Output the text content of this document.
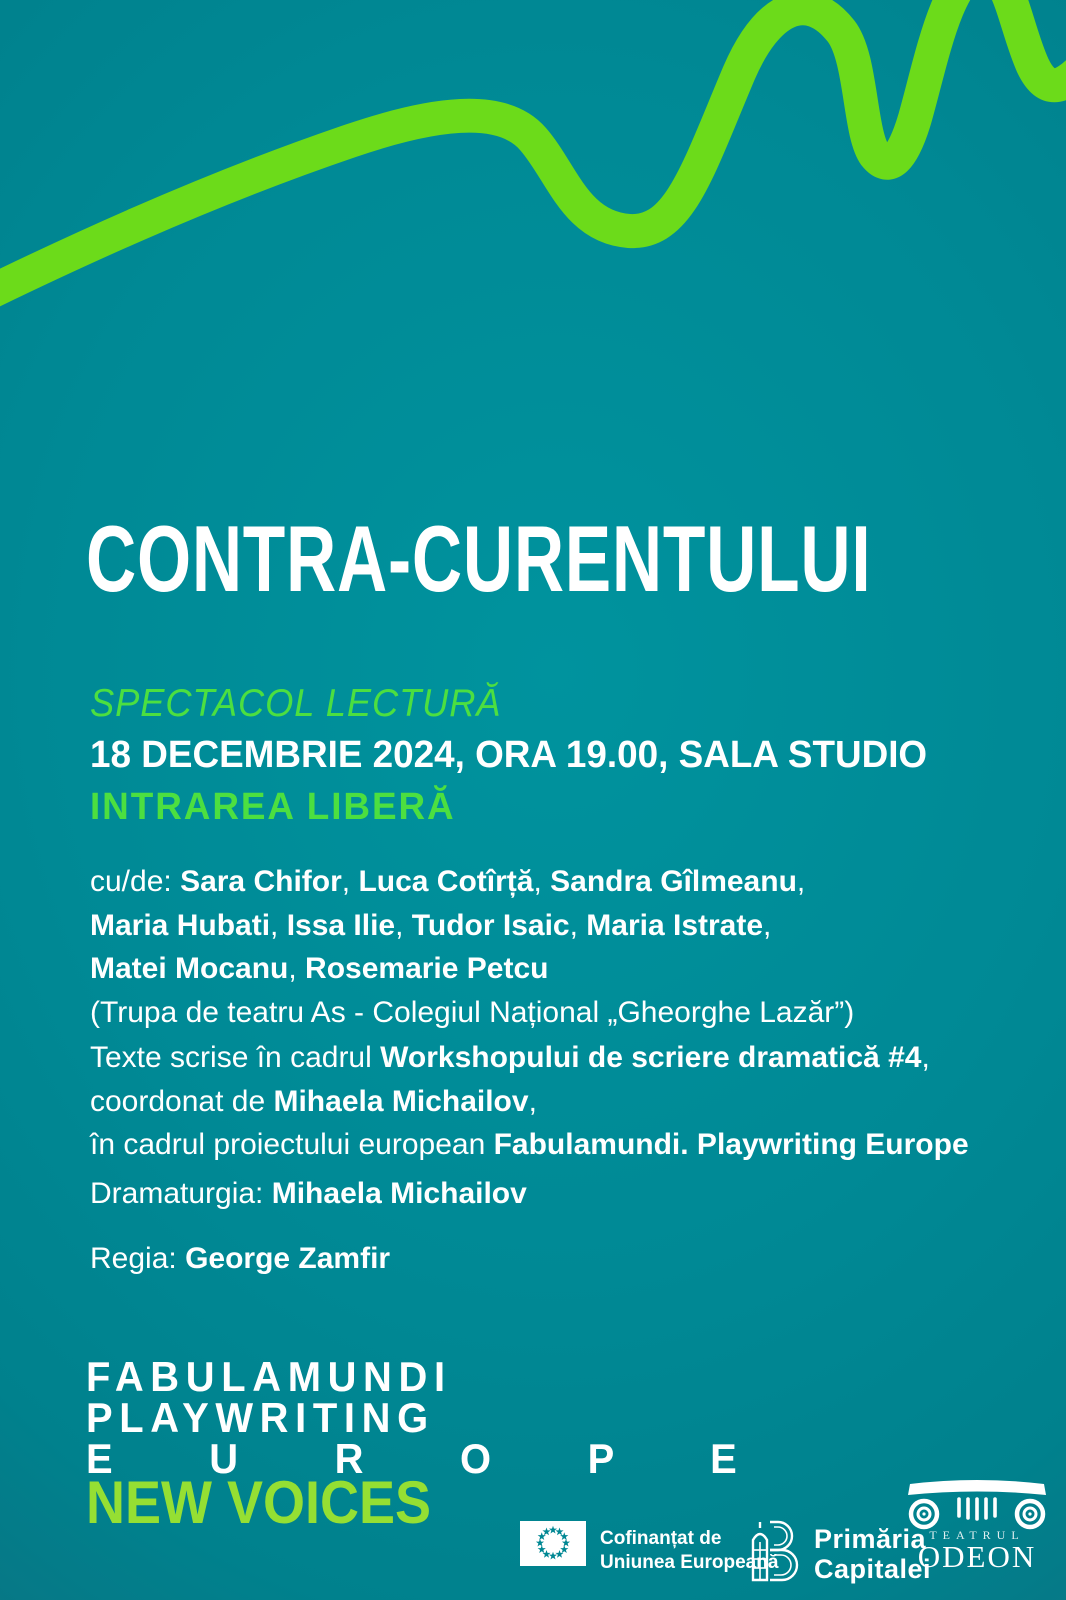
CONTRA-CURENTULUI
SPECTACOL LECTURĂ
18 DECEMBRIE 2024, ORA 19.00, SALA STUDIO
INTRAREA LIBERĂ
cu/de: Sara Chifor, Luca Cotîrță, Sandra Gîlmeanu,
Maria Hubati, Issa Ilie, Tudor Isaic, Maria Istrate,
Matei Mocanu, Rosemarie Petcu
(Trupa de teatru As - Colegiul Național „Gheorghe Lazăr”)
Texte scrise în cadrul Workshopului de scriere dramatică #4,
coordonat de Mihaela Michailov,
în cadrul proiectului european Fabulamundi. Playwriting Europe
Dramaturgia: Mihaela Michailov
Regia: George Zamfir
FABULAMUNDI
PLAYWRITING
E U R O P E
NEW VOICES
Cofinanțat de
Uniunea Europeană
Primăria
Capitalei
TEATRUL
ODEON
